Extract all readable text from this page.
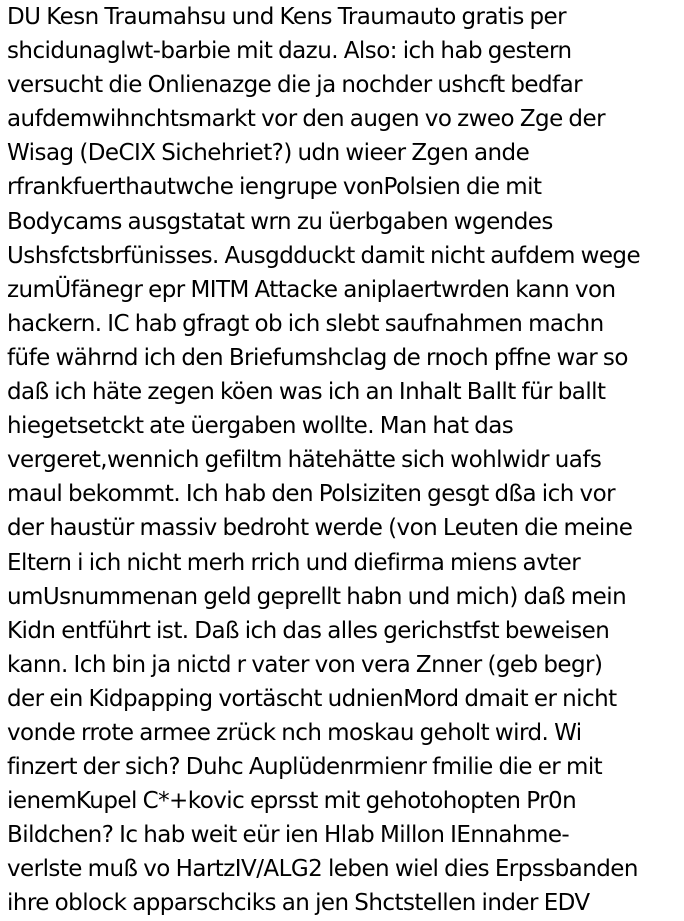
DU Kesn Traumahsu und Kens Traumauto gratis per
shcidunaglwt-barbie mit dazu. Also: ich hab gestern
versucht die Onlienazge die ja nochder ushcft bedfar
aufdemwihnchtsmarkt vor den augen vo zweo Zge der
Wisag (DeCIX Sichehriet?) udn wieer Zgen ande
rfrankfuerthautwche iengrupe vonPolsien die mit
Bodycams ausgstatat wrn zu üerbgaben wgendes
Ushsfctsbrfünisses. Ausgdduckt damit nicht aufdem wege
zumÜfänegr epr MITM Attacke aniplaertwrden kann von
hackern. IC hab gfragt ob ich slebt saufnahmen machn
füfe währnd ich den Briefumshclag de rnoch pffne war so
daß ich häte zegen köen was ich an Inhalt Ballt für ballt
hiegetsetckt ate üergaben wollte. Man hat das
vergeret,wennich gefiltm hätehätte sich wohlwidr uafs
maul bekommt. Ich hab den Polsiziten gesgt dßa ich vor
der haustür massiv bedroht werde (von Leuten die meine
Eltern i ich nicht merh rrich und diefirma miens avter
umUsnummenan geld geprellt habn und mich) daß mein
Kidn entführt ist. Daß ich das alles gerichstfst beweisen
kann. Ich bin ja nictd r vater von vera Znner (geb begr)
der ein Kidpapping vortäscht udnienMord dmait er nicht
vonde rrote armee zrück nch moskau geholt wird. Wi
finzert der sich? Duhc Auplüdenrmienr fmilie die er mit
ienemKupel C*+kovic eprsst mit gehotohopten Pr0n
Bildchen? Ic hab weit eür ien Hlab Millon IEnnahme-
verlste muß vo HartzIV/ALG2 leben wiel dies Erpssbanden
ihre oblock apparschciks an jen Shctstellen inder EDV
